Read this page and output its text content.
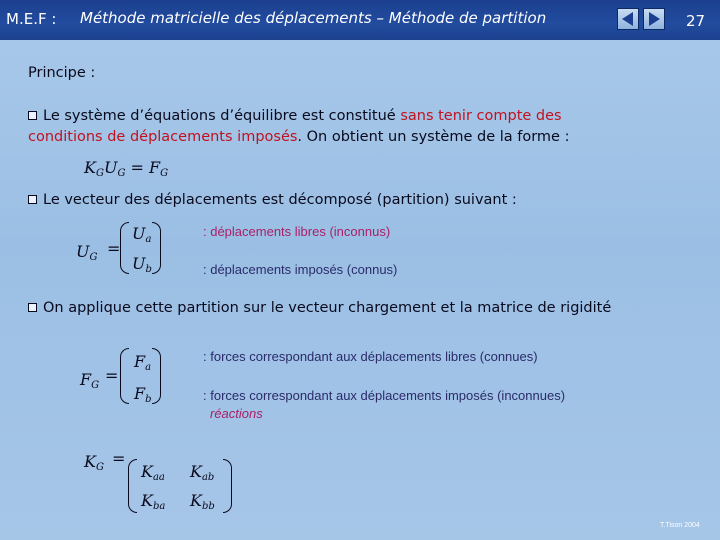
M.E.F : Méthode matricielle des déplacements – Méthode de partition	27
Principe :
Le système d’équations d’équilibre est constitué sans tenir compte des
conditions de déplacements imposés. On obtient un système de la forme :
$K_GU_G = F_G$
Le vecteur des déplacements est décomposé (partition) suivant :
$U_G$ =
$U_a$
$U_b$
: déplacements libres (inconnus)
: déplacements imposés (connus)
On applique cette partition sur le vecteur chargement et la matrice de rigidité
$F_G$
=
$F_a$
$F_b$
: forces correspondant aux déplacements libres (connues)
: forces correspondant aux déplacements imposés (inconnues)
réactions
$K_G$ =
$K_{aa}$ $K_{ab}$
$K_{ba}$ $K_{bb}$
T.Tison 2004
